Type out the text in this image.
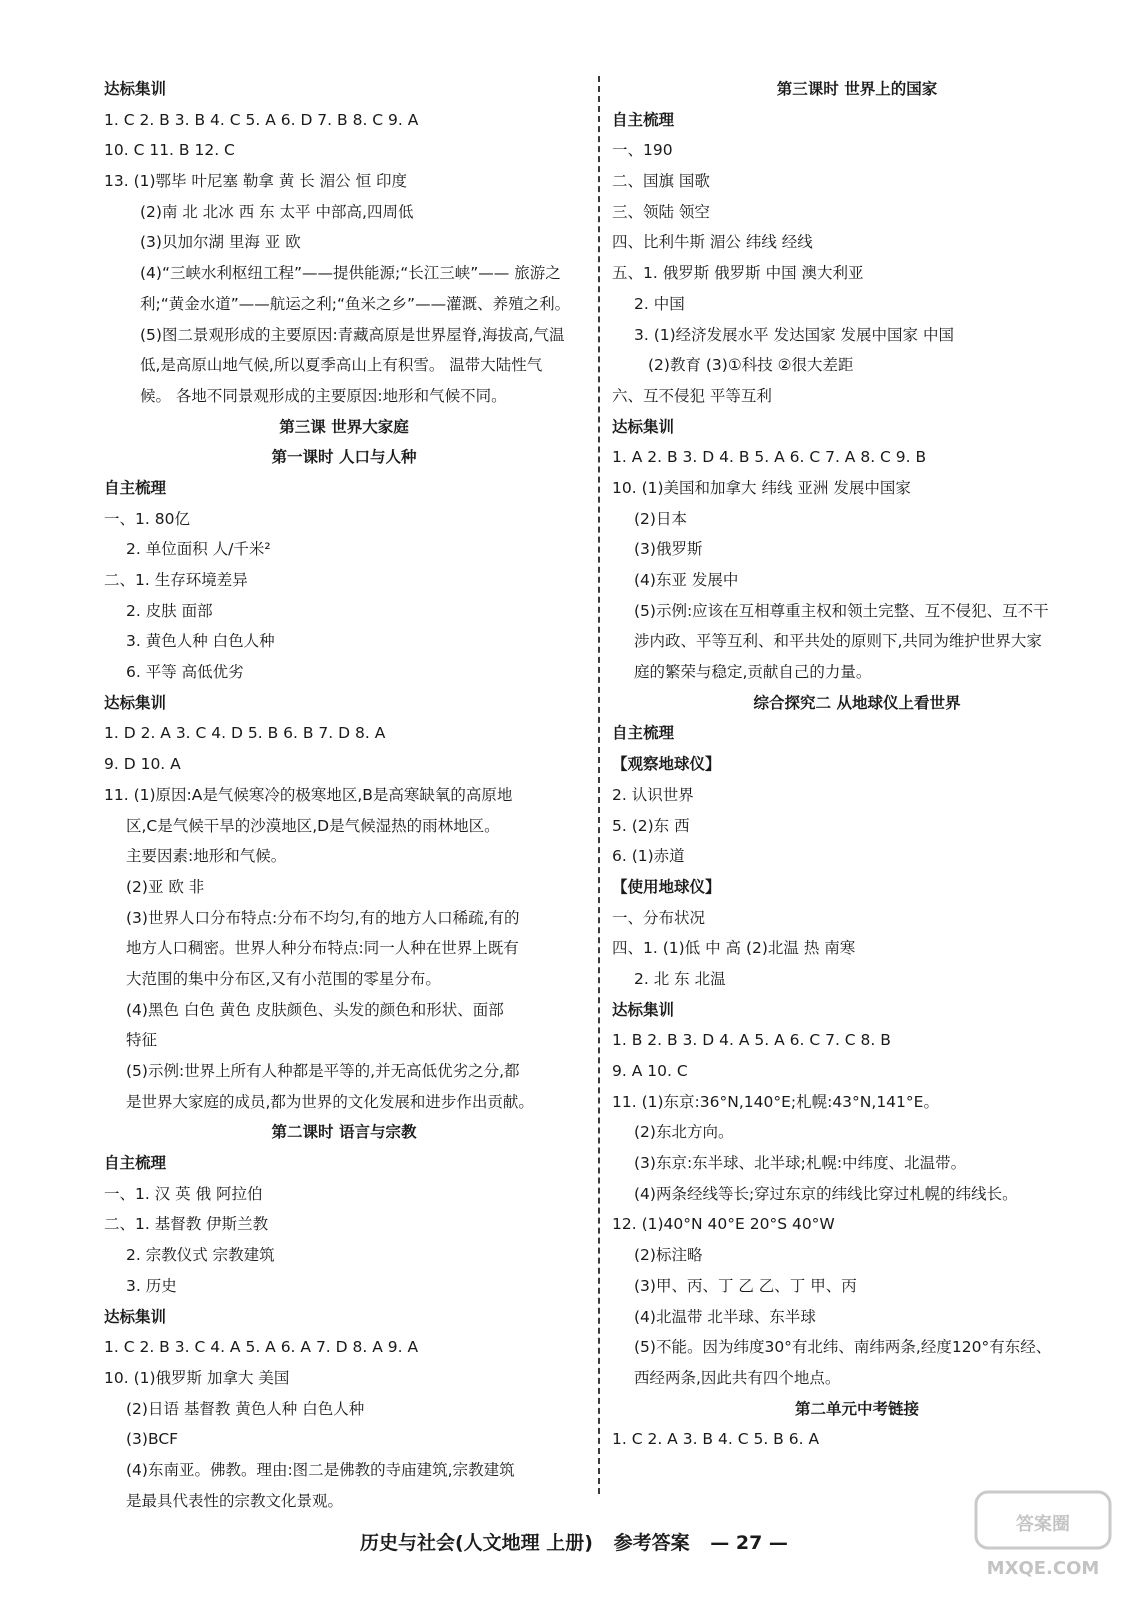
达标集训
1. C 2. B 3. B 4. C 5. A 6. D 7. B 8. C 9. A
10. C 11. B 12. C
13. (1)鄂毕 叶尼塞 勒拿 黄 长 湄公 恒 印度
(2)南 北 北冰 西 东 太平 中部高,四周低
(3)贝加尔湖 里海 亚 欧
(4)“三峡水利枢纽工程”——提供能源;“长江三峡”—— 旅游之
利;“黄金水道”——航运之利;“鱼米之乡”——灌溉、养殖之利。
(5)图二景观形成的主要原因:青藏高原是世界屋脊,海拔高,气温
低,是高原山地气候,所以夏季高山上有积雪。 温带大陆性气
候。 各地不同景观形成的主要原因:地形和气候不同。
第三课 世界大家庭
第一课时 人口与人种
自主梳理
一、1. 80亿
2. 单位面积 人/千米²
二、1. 生存环境差异
2. 皮肤 面部
3. 黄色人种 白色人种
6. 平等 高低优劣
达标集训
1. D 2. A 3. C 4. D 5. B 6. B 7. D 8. A
9. D 10. A
11. (1)原因:A是气候寒冷的极寒地区,B是高寒缺氧的高原地
区,C是气候干旱的沙漠地区,D是气候湿热的雨林地区。
主要因素:地形和气候。
(2)亚 欧 非
(3)世界人口分布特点:分布不均匀,有的地方人口稀疏,有的
地方人口稠密。世界人种分布特点:同一人种在世界上既有
大范围的集中分布区,又有小范围的零星分布。
(4)黑色 白色 黄色 皮肤颜色、头发的颜色和形状、面部
特征
(5)示例:世界上所有人种都是平等的,并无高低优劣之分,都
是世界大家庭的成员,都为世界的文化发展和进步作出贡献。
第二课时 语言与宗教
自主梳理
一、1. 汉 英 俄 阿拉伯
二、1. 基督教 伊斯兰教
2. 宗教仪式 宗教建筑
3. 历史
达标集训
1. C 2. B 3. C 4. A 5. A 6. A 7. D 8. A 9. A
10. (1)俄罗斯 加拿大 美国
(2)日语 基督教 黄色人种 白色人种
(3)BCF
(4)东南亚。佛教。理由:图二是佛教的寺庙建筑,宗教建筑
是最具代表性的宗教文化景观。
第三课时 世界上的国家
自主梳理
一、190
二、国旗 国歌
三、领陆 领空
四、比利牛斯 湄公 纬线 经线
五、1. 俄罗斯 俄罗斯 中国 澳大利亚
2. 中国
3. (1)经济发展水平 发达国家 发展中国家 中国
(2)教育 (3)①科技 ②很大差距
六、互不侵犯 平等互利
达标集训
1. A 2. B 3. D 4. B 5. A 6. C 7. A 8. C 9. B
10. (1)美国和加拿大 纬线 亚洲 发展中国家
(2)日本
(3)俄罗斯
(4)东亚 发展中
(5)示例:应该在互相尊重主权和领土完整、互不侵犯、互不干
涉内政、平等互利、和平共处的原则下,共同为维护世界大家
庭的繁荣与稳定,贡献自己的力量。
综合探究二 从地球仪上看世界
自主梳理
【观察地球仪】
2. 认识世界
5. (2)东 西
6. (1)赤道
【使用地球仪】
一、分布状况
四、1. (1)低 中 高 (2)北温 热 南寒
2. 北 东 北温
达标集训
1. B 2. B 3. D 4. A 5. A 6. C 7. C 8. B
9. A 10. C
11. (1)东京:36°N,140°E;札幌:43°N,141°E。
(2)东北方向。
(3)东京:东半球、北半球;札幌:中纬度、北温带。
(4)两条经线等长;穿过东京的纬线比穿过札幌的纬线长。
12. (1)40°N 40°E 20°S 40°W
(2)标注略
(3)甲、丙、丁 乙 乙、丁 甲、丙
(4)北温带 北半球、东半球
(5)不能。因为纬度30°有北纬、南纬两条,经度120°有东经、
西经两条,因此共有四个地点。
第二单元中考链接
1. C 2. A 3. B 4. C 5. B 6. A
历史与社会(人文地理 上册) 参考答案 — 27 —
答案圈
MXQE.COM
